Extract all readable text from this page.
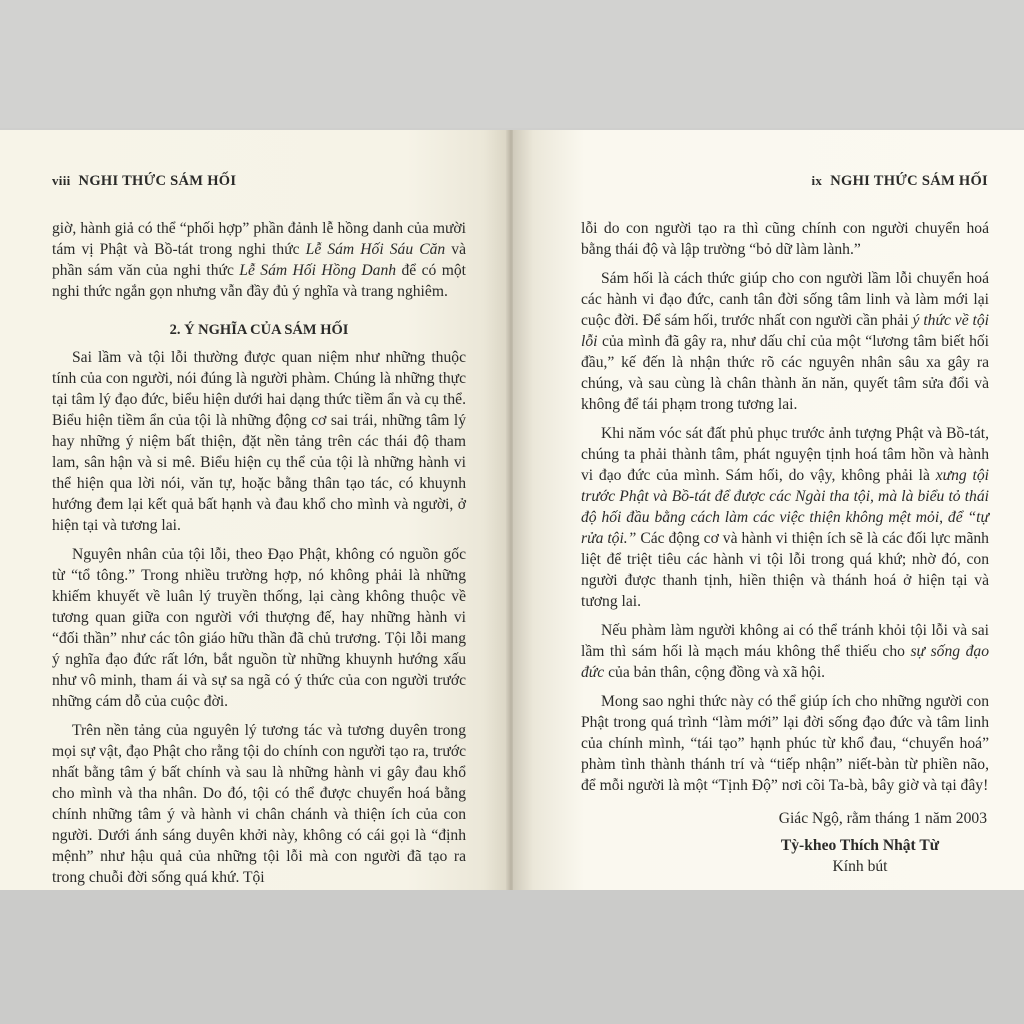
viii NGHI THỨC SÁM HỐI

giờ, hành giả có thể “phối hợp” phần đảnh lễ hồng danh của mười tám vị Phật và Bồ-tát trong nghi thức Lễ Sám Hối Sáu Căn và phần sám văn của nghi thức Lễ Sám Hối Hồng Danh để có một nghi thức ngắn gọn nhưng vẫn đầy đủ ý nghĩa và trang nghiêm.

2. Ý NGHĨA CỦA SÁM HỐI

Sai lầm và tội lỗi thường được quan niệm như những thuộc tính của con người, nói đúng là người phàm. Chúng là những thực tại tâm lý đạo đức, biểu hiện dưới hai dạng thức tiềm ẩn và cụ thể. Biểu hiện tiềm ẩn của tội là những động cơ sai trái, những tâm lý hay những ý niệm bất thiện, đặt nền tảng trên các thái độ tham lam, sân hận và si mê. Biểu hiện cụ thể của tội là những hành vi thể hiện qua lời nói, văn tự, hoặc bằng thân tạo tác, có khuynh hướng đem lại kết quả bất hạnh và đau khổ cho mình và người, ở hiện tại và tương lai.

Nguyên nhân của tội lỗi, theo Đạo Phật, không có nguồn gốc từ “tổ tông.” Trong nhiều trường hợp, nó không phải là những khiếm khuyết về luân lý truyền thống, lại càng không thuộc về tương quan giữa con người với thượng đế, hay những hành vi “đối thần” như các tôn giáo hữu thần đã chủ trương. Tội lỗi mang ý nghĩa đạo đức rất lớn, bắt nguồn từ những khuynh hướng xấu như vô minh, tham ái và sự sa ngã có ý thức của con người trước những cám dỗ của cuộc đời.

Trên nền tảng của nguyên lý tương tác và tương duyên trong mọi sự vật, đạo Phật cho rằng tội do chính con người tạo ra, trước nhất bằng tâm ý bất chính và sau là những hành vi gây đau khổ cho mình và tha nhân. Do đó, tội có thể được chuyển hoá bằng chính những tâm ý và hành vi chân chánh và thiện ích của con người. Dưới ánh sáng duyên khởi này, không có cái gọi là “định mệnh” như hậu quả của những tội lỗi mà con người đã tạo ra trong chuỗi đời sống quá khứ. Tội

ix NGHI THỨC SÁM HỐI

lỗi do con người tạo ra thì cũng chính con người chuyển hoá bằng thái độ và lập trường “bỏ dữ làm lành.”

Sám hối là cách thức giúp cho con người lầm lỗi chuyển hoá các hành vi đạo đức, canh tân đời sống tâm linh và làm mới lại cuộc đời. Để sám hối, trước nhất con người cần phải ý thức về tội lỗi của mình đã gây ra, như dấu chỉ của một “lương tâm biết hối đầu,” kế đến là nhận thức rõ các nguyên nhân sâu xa gây ra chúng, và sau cùng là chân thành ăn năn, quyết tâm sửa đổi và không để tái phạm trong tương lai.

Khi năm vóc sát đất phủ phục trước ảnh tượng Phật và Bồ-tát, chúng ta phải thành tâm, phát nguyện tịnh hoá tâm hồn và hành vi đạo đức của mình. Sám hối, do vậy, không phải là xưng tội trước Phật và Bồ-tát để được các Ngài tha tội, mà là biểu tỏ thái độ hối đầu bằng cách làm các việc thiện không mệt mỏi, để “tự rửa tội.” Các động cơ và hành vi thiện ích sẽ là các đối lực mãnh liệt để triệt tiêu các hành vi tội lỗi trong quá khứ; nhờ đó, con người được thanh tịnh, hiền thiện và thánh hoá ở hiện tại và tương lai.

Nếu phàm làm người không ai có thể tránh khỏi tội lỗi và sai lầm thì sám hối là mạch máu không thể thiếu cho sự sống đạo đức của bản thân, cộng đồng và xã hội.

Mong sao nghi thức này có thể giúp ích cho những người con Phật trong quá trình “làm mới” lại đời sống đạo đức và tâm linh của chính mình, “tái tạo” hạnh phúc từ khổ đau, “chuyển hoá” phàm tình thành thánh trí và “tiếp nhận” niết-bàn từ phiền não, để mỗi người là một “Tịnh Độ” nơi cõi Ta-bà, bây giờ và tại đây!

Giác Ngộ, rằm tháng 1 năm 2003
Tỳ-kheo Thích Nhật Từ
Kính bút
